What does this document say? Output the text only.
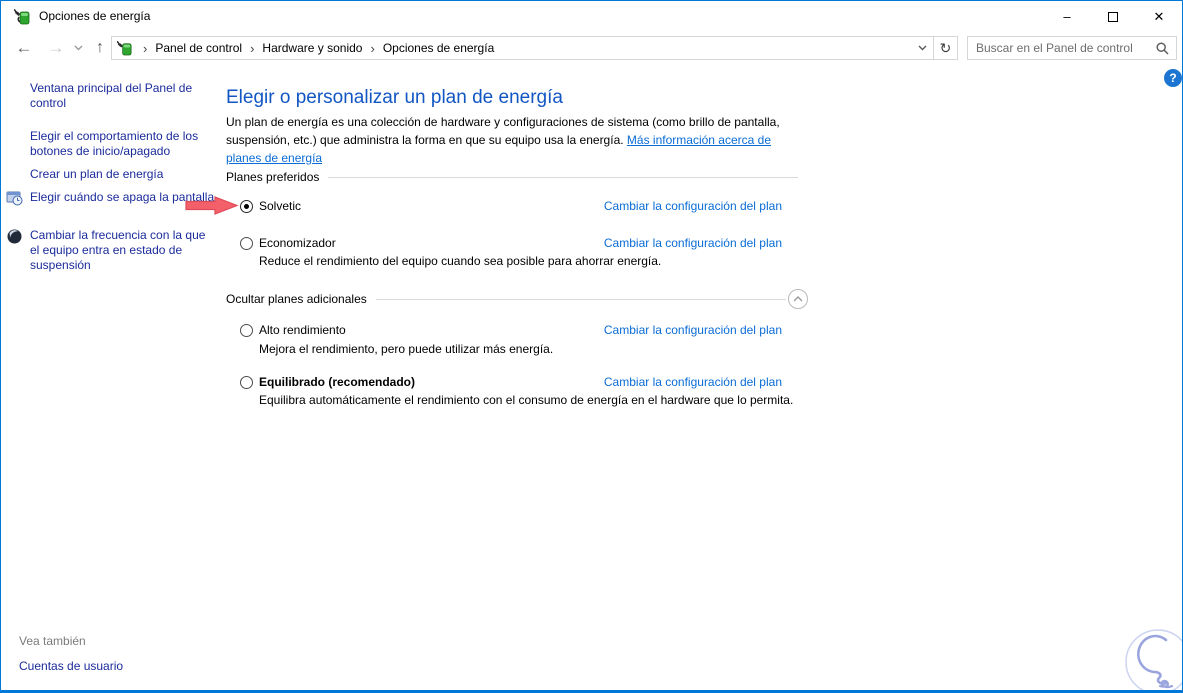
Opciones de energía	–	✕
← → ↑	› Panel de control › Hardware y sonido › Opciones de energía	↻
Buscar en el Panel de control
Ventana principal del Panel de control
Elegir el comportamiento de los botones de inicio/apagado
Crear un plan de energía
Elegir cuándo se apaga la pantalla
Cambiar la frecuencia con la que el equipo entra en estado de suspensión
Vea también
Cuentas de usuario
?
Elegir o personalizar un plan de energía

Un plan de energía es una colección de hardware y configuraciones de sistema (como brillo de pantalla, suspensión, etc.) que administra la forma en que su equipo usa la energía. Más información acerca de planes de energía

Planes preferidos
Solvetic	Cambiar la configuración del plan
Economizador	Cambiar la configuración del plan
Reduce el rendimiento del equipo cuando sea posible para ahorrar energía.
Ocultar planes adicionales
Alto rendimiento	Cambiar la configuración del plan
Mejora el rendimiento, pero puede utilizar más energía.
Equilibrado (recomendado)	Cambiar la configuración del plan
Equilibra automáticamente el rendimiento con el consumo de energía en el hardware que lo permita.
